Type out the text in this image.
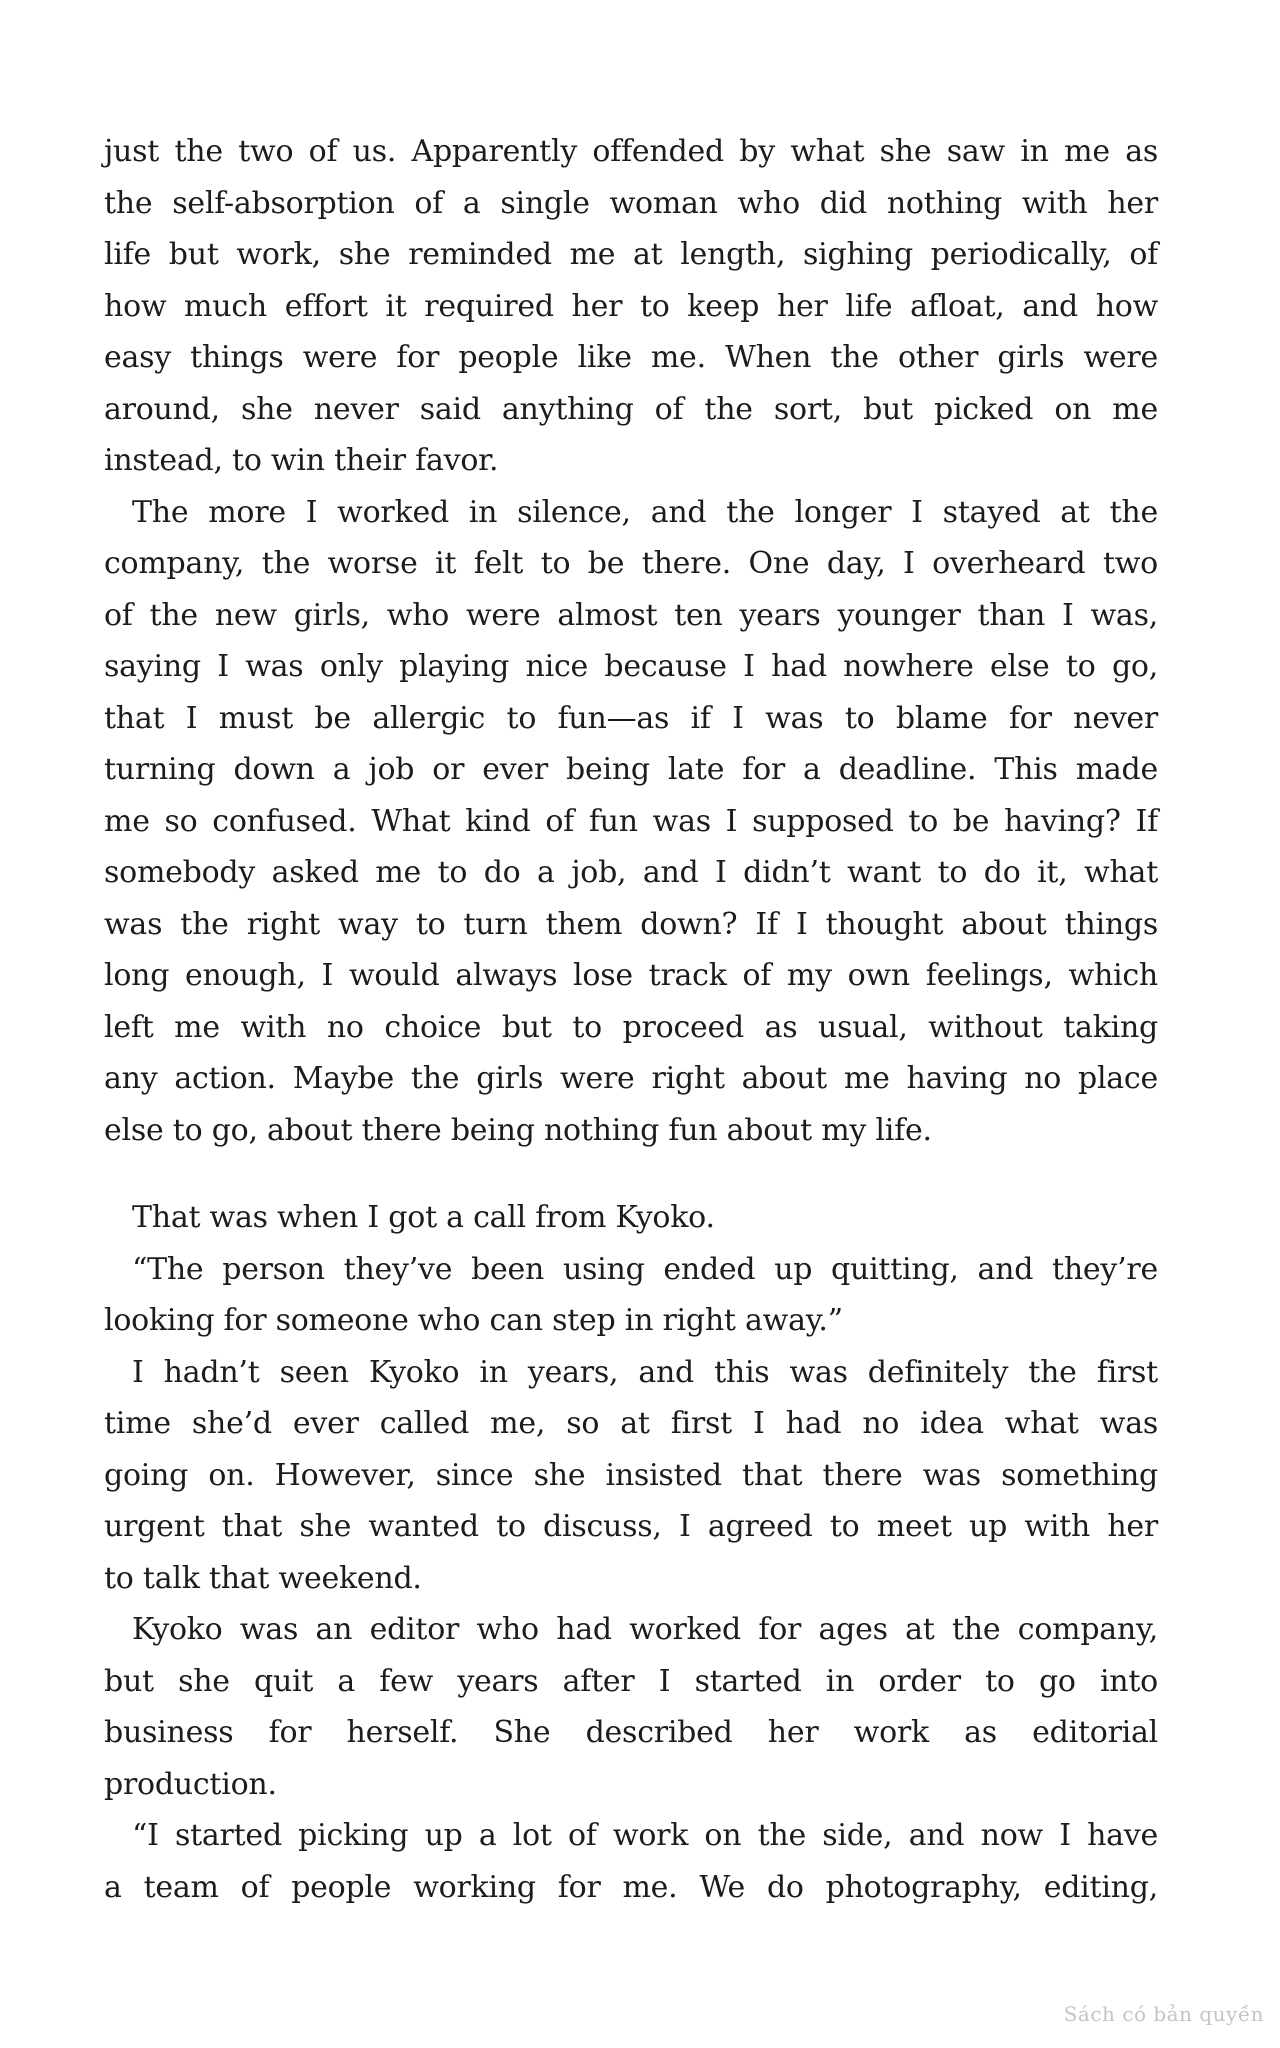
just the two of us. Apparently offended by what she saw in me as
the self-absorption of a single woman who did nothing with her
life but work, she reminded me at length, sighing periodically, of
how much effort it required her to keep her life afloat, and how
easy things were for people like me. When the other girls were
around, she never said anything of the sort, but picked on me
instead, to win their favor.
The more I worked in silence, and the longer I stayed at the
company, the worse it felt to be there. One day, I overheard two
of the new girls, who were almost ten years younger than I was,
saying I was only playing nice because I had nowhere else to go,
that I must be allergic to fun—as if I was to blame for never
turning down a job or ever being late for a deadline. This made
me so confused. What kind of fun was I supposed to be having? If
somebody asked me to do a job, and I didn’t want to do it, what
was the right way to turn them down? If I thought about things
long enough, I would always lose track of my own feelings, which
left me with no choice but to proceed as usual, without taking
any action. Maybe the girls were right about me having no place
else to go, about there being nothing fun about my life.
That was when I got a call from Kyoko.
“The person they’ve been using ended up quitting, and they’re
looking for someone who can step in right away.”
I hadn’t seen Kyoko in years, and this was definitely the first
time she’d ever called me, so at first I had no idea what was
going on. However, since she insisted that there was something
urgent that she wanted to discuss, I agreed to meet up with her
to talk that weekend.
Kyoko was an editor who had worked for ages at the company,
but she quit a few years after I started in order to go into
business for herself. She described her work as editorial
production.
“I started picking up a lot of work on the side, and now I have
a team of people working for me. We do photography, editing,
Sách có bản quyền
